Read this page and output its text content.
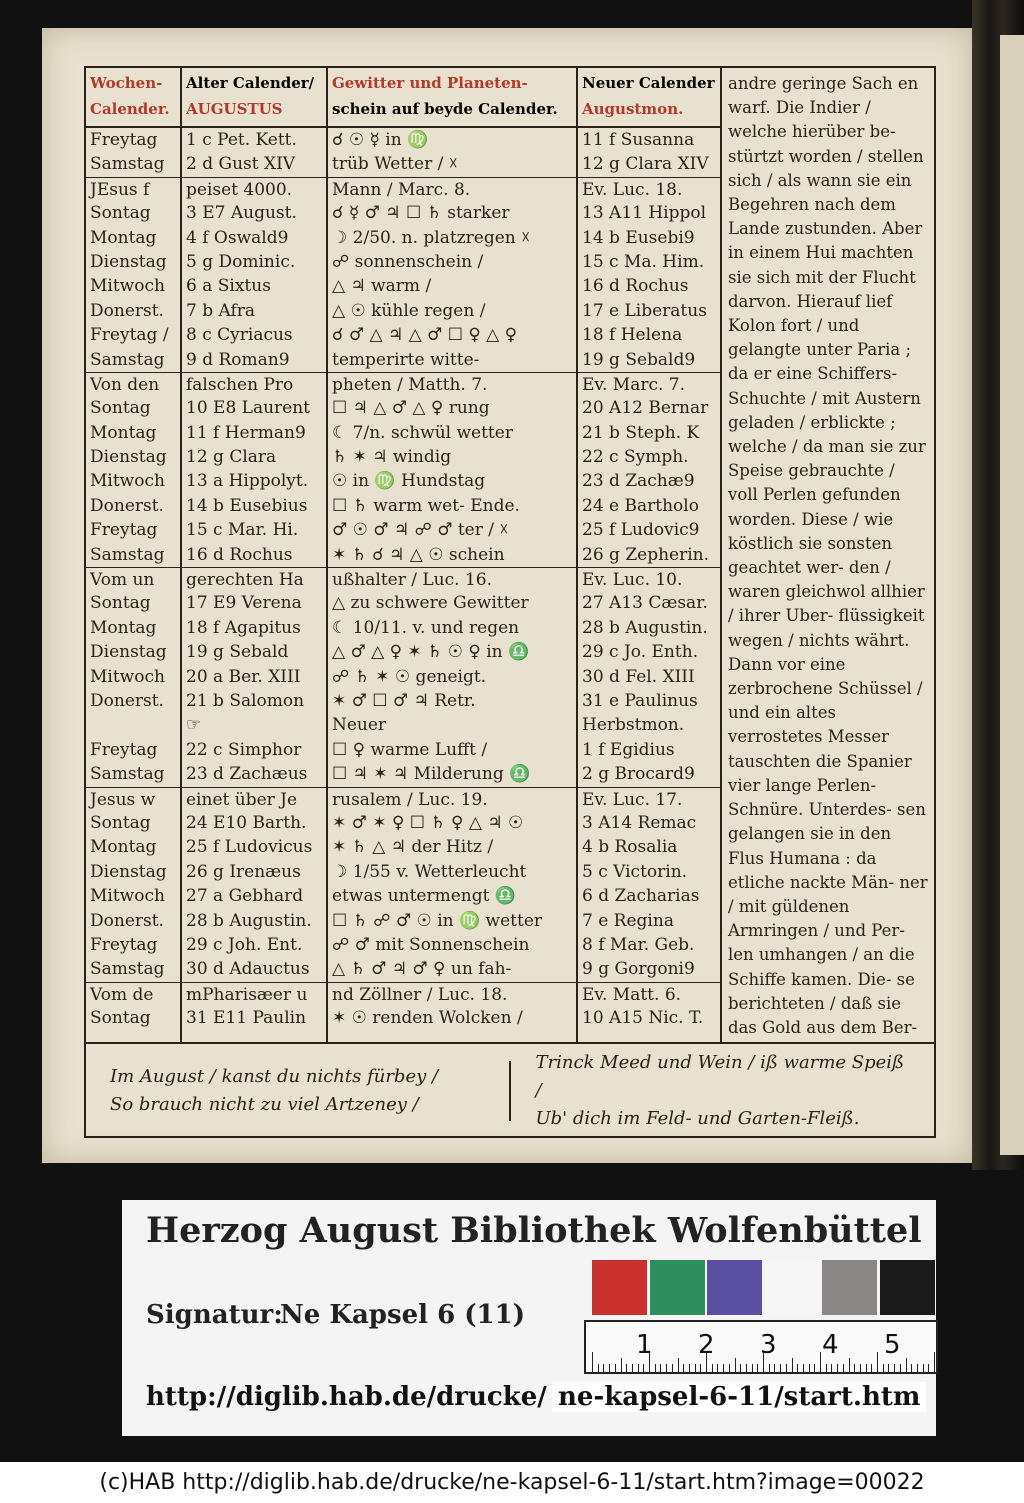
Wochen-
Calender.
Freytag
Samstag
JEsus f
Sontag
Montag
Dienstag
Mitwoch
Donerst.
Freytag /
Samstag
Von den
Sontag
Montag
Dienstag
Mitwoch
Donerst.
Freytag
Samstag
Vom un
Sontag
Montag
Dienstag
Mitwoch
Donerst.
Freytag
Samstag
Jesus w
Sontag
Montag
Dienstag
Mitwoch
Donerst.
Freytag
Samstag
Vom de
Sontag
Alter Calender/
AUGUSTUS
1 c Pet. Kett.
2 d Gust XIV
peiset 4000.
3 E7 August.
4 f Oswald9
5 g Dominic.
6 a Sixtus
7 b Afra
8 c Cyriacus
9 d Roman9
falschen Pro
10 E8 Laurent
11 f Herman9
12 g Clara
13 a Hippolyt.
14 b Eusebius
15 c Mar. Hi.
16 d Rochus
gerechten Ha
17 E9 Verena
18 f Agapitus
19 g Sebald
20 a Ber. XIII
21 b Salomon
☞
22 c Simphor
23 d Zachæus
einet über Je
24 E10 Barth.
25 f Ludovicus
26 g Irenæus
27 a Gebhard
28 b Augustin.
29 c Joh. Ent.
30 d Adauctus
mPharisæer u
31 E11 Paulin
Gewitter und Planeten-
schein auf beyde Calender.
☌ ☉ ☿ in ♍
trüb Wetter / ☓
Mann / Marc. 8.
☌ ☿ ♂ ♃ ☐ ♄ starker
☽ 2/50. n. platzregen ☓
☍ sonnenschein /
△ ♃ warm /
△ ☉ kühle regen /
☌ ♂ △ ♃ △ ♂ ☐ ♀ △ ♀
temperirte witte-
pheten / Matth. 7.
☐ ♃ △ ♂ △ ♀ rung
☾ 7/n. schwül wetter
♄ ✶ ♃ windig
☉ in ♍ Hundstag
☐ ♄ warm wet- Ende.
♂ ☉ ♂ ♃ ☍ ♂ ter / ☓
✶ ♄ ☌ ♃ △ ☉ schein
ußhalter / Luc. 16.
△ zu schwere Gewitter
☾ 10/11. v. und regen
△ ♂ △ ♀ ✶ ♄ ☉ ♀ in ♎
☍ ♄ ✶ ☉ geneigt.
✶ ♂ ☐ ♂ ♃ Retr.
Neuer
☐ ♀ warme Lufft /
☐ ♃ ✶ ♃ Milderung ♎
rusalem / Luc. 19.
✶ ♂ ✶ ♀ ☐ ♄ ♀ △ ♃ ☉
✶ ♄ △ ♃ der Hitz /
☽ 1/55 v. Wetterleucht
etwas untermengt ♎
☐ ♄ ☍ ♂ ☉ in ♍ wetter
☍ ♂ mit Sonnenschein
△ ♄ ♂ ♃ ♂ ♀ un fah-
nd Zöllner / Luc. 18.
✶ ☉ renden Wolcken /
Neuer Calender
Augustmon.
11 f Susanna
12 g Clara XIV
Ev. Luc. 18.
13 A11 Hippol
14 b Eusebi9
15 c Ma. Him.
16 d Rochus
17 e Liberatus
18 f Helena
19 g Sebald9
Ev. Marc. 7.
20 A12 Bernar
21 b Steph. K
22 c Symph.
23 d Zachæ9
24 e Bartholo
25 f Ludovic9
26 g Zepherin.
Ev. Luc. 10.
27 A13 Cæsar.
28 b Augustin.
29 c Jo. Enth.
30 d Fel. XIII
31 e Paulinus
Herbstmon.
1 f Egidius
2 g Brocard9
Ev. Luc. 17.
3 A14 Remac
4 b Rosalia
5 c Victorin.
6 d Zacharias
7 e Regina
8 f Mar. Geb.
9 g Gorgoni9
Ev. Matt. 6.
10 A15 Nic. T.
andre geringe Sach en warf. Die Indier / welche hierüber be- stürtzt worden / stellen sich / als wann sie ein Begehren nach dem Lande zustunden. Aber in einem Hui machten sie sich mit der Flucht darvon. Hierauf lief Kolon fort / und gelangte unter Paria ; da er eine Schiffers-Schuchte / mit Austern geladen / erblickte ; welche / da man sie zur Speise gebrauchte / voll Perlen gefunden worden. Diese / wie köstlich sie sonsten geachtet wer- den / waren gleichwol allhier / ihrer Uber- flüssigkeit wegen / nichts währt. Dann vor eine zerbrochene Schüssel / und ein altes verrostetes Messer tauschten die Spanier vier lange Perlen- Schnüre. Unterdes- sen gelangen sie in den Flus Humana : da etliche nackte Män- ner / mit güldenen Armringen / und Per- len umhangen / an die Schiffe kamen. Die- se berichteten / daß sie das Gold aus dem Ber-
Im August / kanst du nichts fürbey /
So brauch nicht zu viel Artzeney /
Trinck Meed und Wein / iß warme Speiß /
Ub' dich im Feld- und Garten-Fleiß.
Herzog August Bibliothek Wolfenbüttel
Signatur:
Ne Kapsel 6 (11)
1 2 3 4 5
http://diglib.hab.de/drucke/ ne-kapsel-6-11/start.htm
(c)HAB http://diglib.hab.de/drucke/ne-kapsel-6-11/start.htm?image=00022
